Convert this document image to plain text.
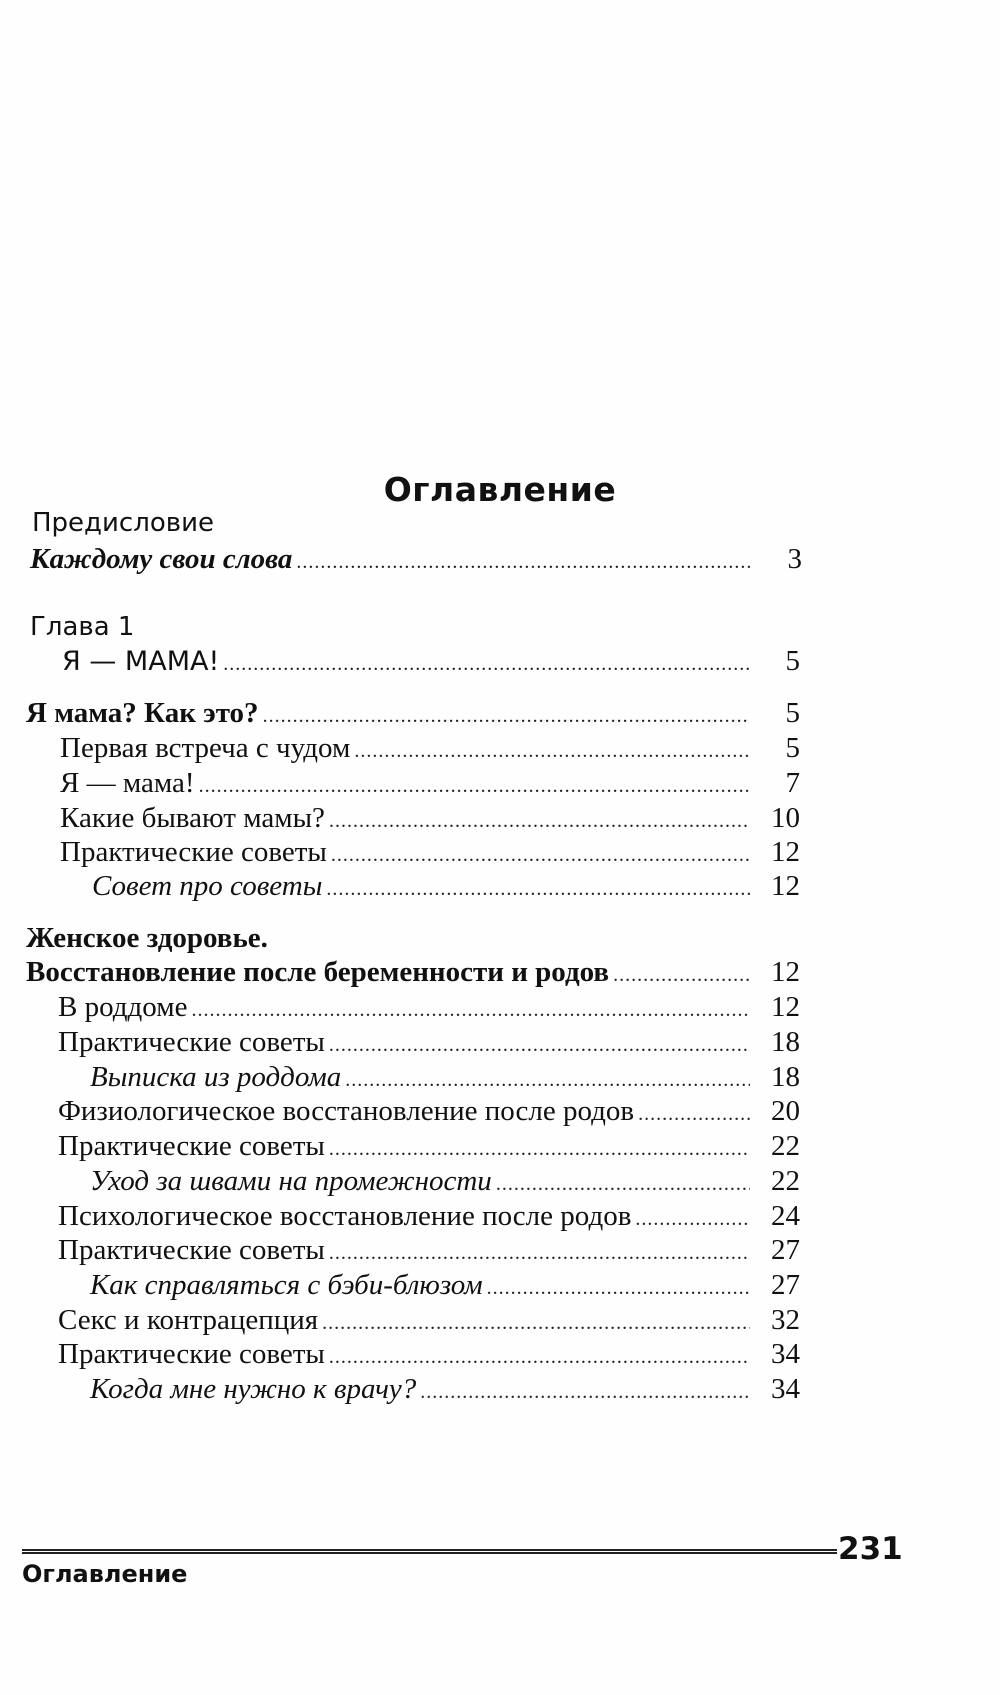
Оглавление
Предисловие
Каждому свои слова .....	3
Глава 1
Я — МАМА! .....	5
Я мама? Как это? .....	5
Первая встреча с чудом .....	5
Я — мама! .....	7
Какие бывают мамы? .....	10
Практические советы .....	12
Совет про советы .....	12
Женское здоровье.
Восстановление после беременности и родов .....	12
В роддоме .....	12
Практические советы .....	18
Выписка из роддома .....	18
Физиологическое восстановление после родов .....	20
Практические советы .....	22
Уход за швами на промежности .....	22
Психологическое восстановление после родов .....	24
Практические советы .....	27
Как справляться с бэби-блюзом .....	27
Секс и контрацепция .....	32
Практические советы .....	34
Когда мне нужно к врачу? .....	34
Оглавление
231
